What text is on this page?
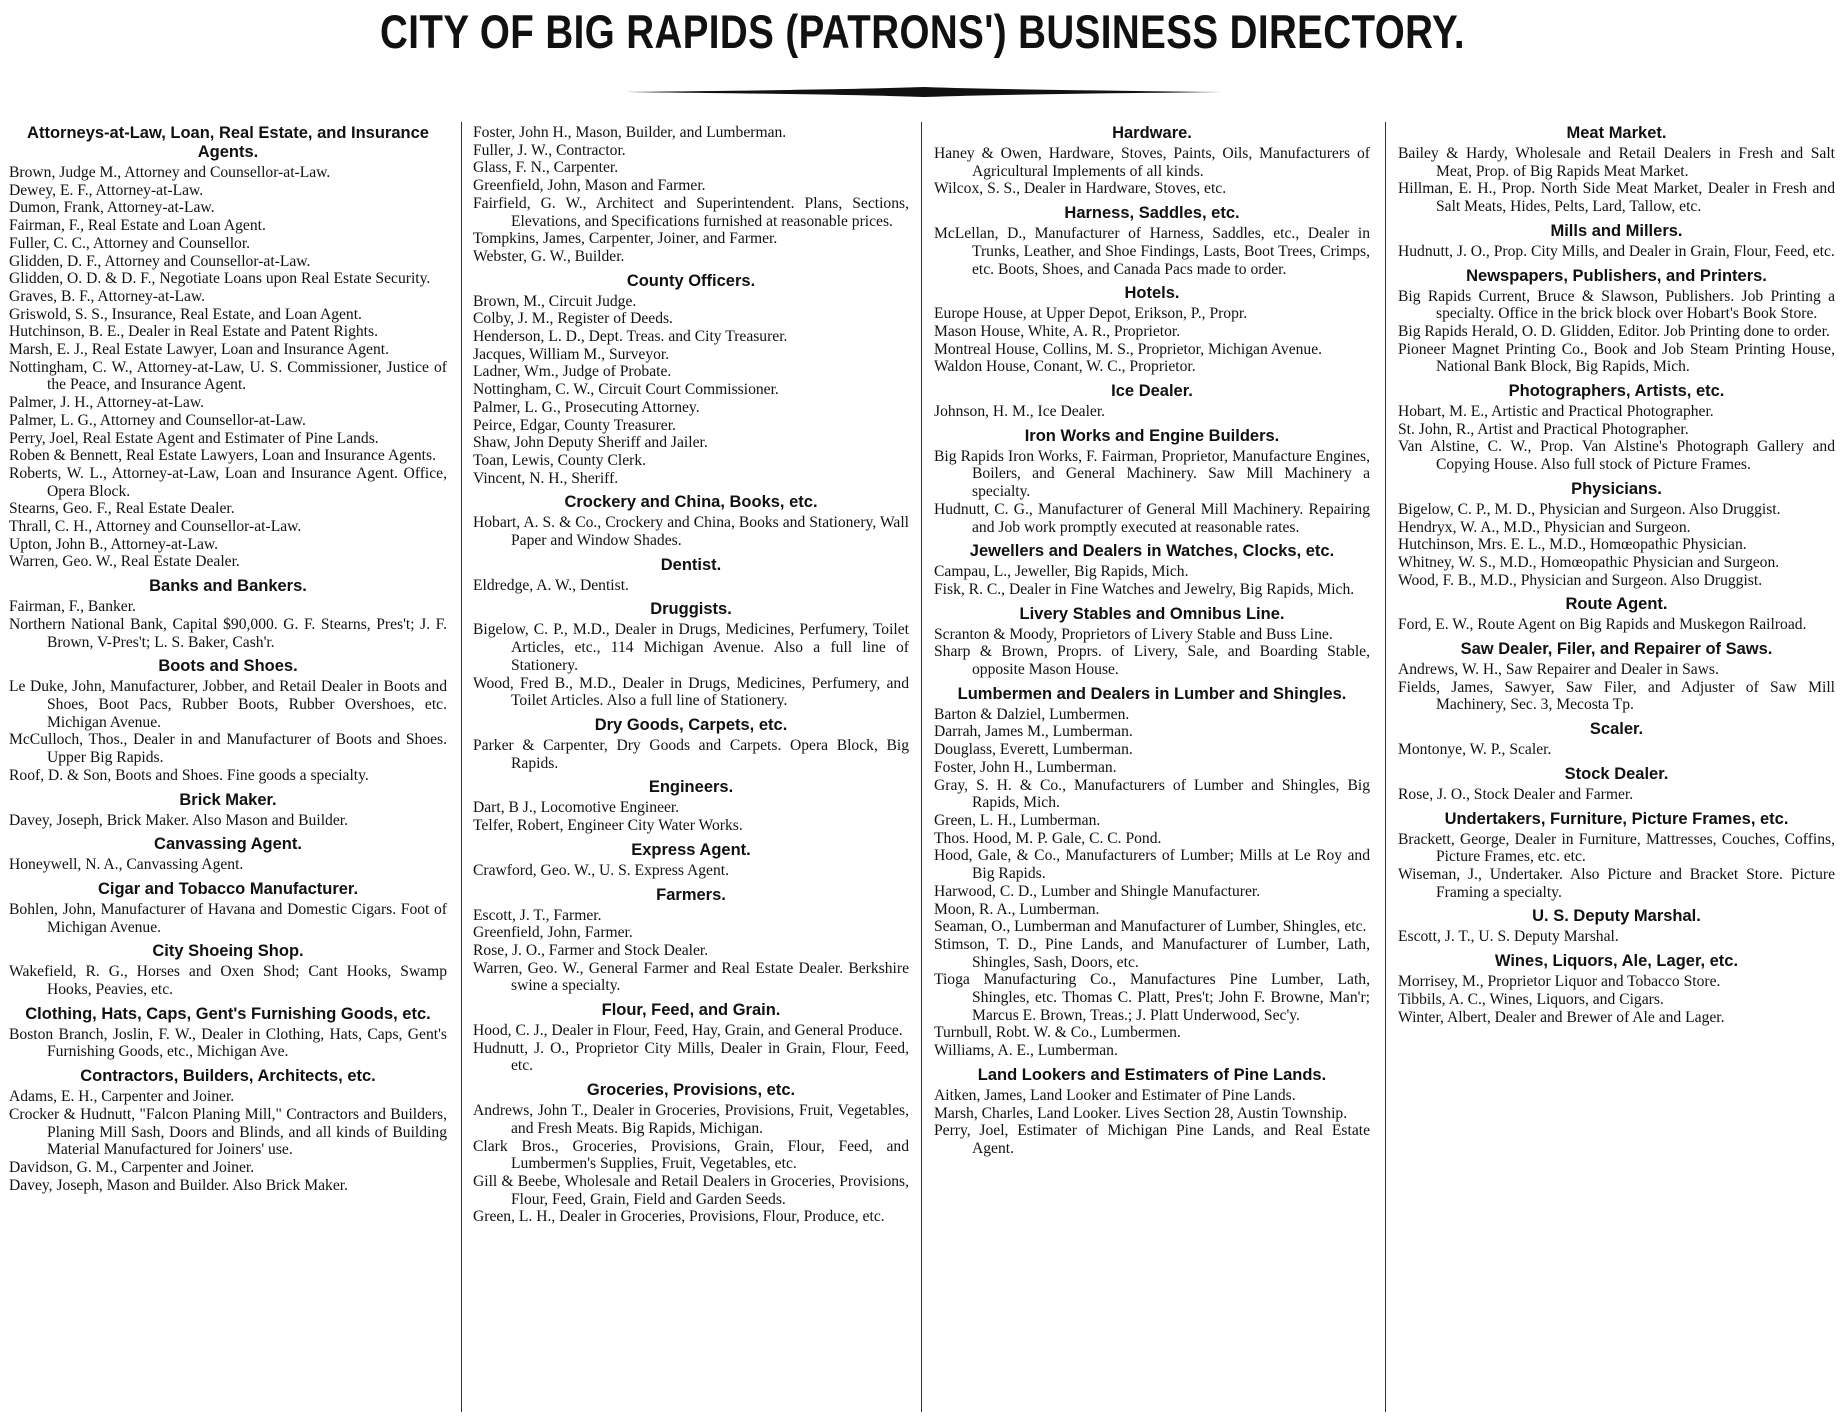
CITY OF BIG RAPIDS (PATRONS') BUSINESS DIRECTORY.
Attorneys-at-Law, Loan, Real Estate, and Insurance Agents.
Brown, Judge M., Attorney and Counsellor-at-Law.
Dewey, E. F., Attorney-at-Law.
Dumon, Frank, Attorney-at-Law.
Fairman, F., Real Estate and Loan Agent.
Fuller, C. C., Attorney and Counsellor.
Glidden, D. F., Attorney and Counsellor-at-Law.
Glidden, O. D. & D. F., Negotiate Loans upon Real Estate Security.
Graves, B. F., Attorney-at-Law.
Griswold, S. S., Insurance, Real Estate, and Loan Agent.
Hutchinson, B. E., Dealer in Real Estate and Patent Rights.
Marsh, E. J., Real Estate Lawyer, Loan and Insurance Agent.
Nottingham, C. W., Attorney-at-Law, U. S. Commissioner, Justice of the Peace, and Insurance Agent.
Palmer, J. H., Attorney-at-Law.
Palmer, L. G., Attorney and Counsellor-at-Law.
Perry, Joel, Real Estate Agent and Estimater of Pine Lands.
Roben & Bennett, Real Estate Lawyers, Loan and Insurance Agents.
Roberts, W. L., Attorney-at-Law, Loan and Insurance Agent. Office, Opera Block.
Stearns, Geo. F., Real Estate Dealer.
Thrall, C. H., Attorney and Counsellor-at-Law.
Upton, John B., Attorney-at-Law.
Warren, Geo. W., Real Estate Dealer.
Banks and Bankers.
Fairman, F., Banker.
Northern National Bank, Capital $90,000. G. F. Stearns, Pres't; J. F. Brown, V-Pres't; L. S. Baker, Cash'r.
Boots and Shoes.
Le Duke, John, Manufacturer, Jobber, and Retail Dealer in Boots and Shoes, Boot Pacs, Rubber Boots, Rubber Overshoes, etc. Michigan Avenue.
McCulloch, Thos., Dealer in and Manufacturer of Boots and Shoes. Upper Big Rapids.
Roof, D. & Son, Boots and Shoes. Fine goods a specialty.
Brick Maker.
Davey, Joseph, Brick Maker. Also Mason and Builder.
Canvassing Agent.
Honeywell, N. A., Canvassing Agent.
Cigar and Tobacco Manufacturer.
Bohlen, John, Manufacturer of Havana and Domestic Cigars. Foot of Michigan Avenue.
City Shoeing Shop.
Wakefield, R. G., Horses and Oxen Shod; Cant Hooks, Swamp Hooks, Peavies, etc.
Clothing, Hats, Caps, Gent's Furnishing Goods, etc.
Boston Branch, Joslin, F. W., Dealer in Clothing, Hats, Caps, Gent's Furnishing Goods, etc., Michigan Ave.
Contractors, Builders, Architects, etc.
Adams, E. H., Carpenter and Joiner.
Crocker & Hudnutt, "Falcon Planing Mill," Contractors and Builders, Planing Mill Sash, Doors and Blinds, and all kinds of Building Material Manufactured for Joiners' use.
Davidson, G. M., Carpenter and Joiner.
Davey, Joseph, Mason and Builder. Also Brick Maker.
Foster, John H., Mason, Builder, and Lumberman.
Fuller, J. W., Contractor.
Glass, F. N., Carpenter.
Greenfield, John, Mason and Farmer.
Fairfield, G. W., Architect and Superintendent. Plans, Sections, Elevations, and Specifications furnished at reasonable prices.
Tompkins, James, Carpenter, Joiner, and Farmer.
Webster, G. W., Builder.
County Officers.
Brown, M., Circuit Judge.
Colby, J. M., Register of Deeds.
Henderson, L. D., Dept. Treas. and City Treasurer.
Jacques, William M., Surveyor.
Ladner, Wm., Judge of Probate.
Nottingham, C. W., Circuit Court Commissioner.
Palmer, L. G., Prosecuting Attorney.
Peirce, Edgar, County Treasurer.
Shaw, John Deputy Sheriff and Jailer.
Toan, Lewis, County Clerk.
Vincent, N. H., Sheriff.
Crockery and China, Books, etc.
Hobart, A. S. & Co., Crockery and China, Books and Stationery, Wall Paper and Window Shades.
Dentist.
Eldredge, A. W., Dentist.
Druggists.
Bigelow, C. P., M.D., Dealer in Drugs, Medicines, Perfumery, Toilet Articles, etc., 114 Michigan Avenue. Also a full line of Stationery.
Wood, Fred B., M.D., Dealer in Drugs, Medicines, Perfumery, and Toilet Articles. Also a full line of Stationery.
Dry Goods, Carpets, etc.
Parker & Carpenter, Dry Goods and Carpets. Opera Block, Big Rapids.
Engineers.
Dart, B J., Locomotive Engineer.
Telfer, Robert, Engineer City Water Works.
Express Agent.
Crawford, Geo. W., U. S. Express Agent.
Farmers.
Escott, J. T., Farmer.
Greenfield, John, Farmer.
Rose, J. O., Farmer and Stock Dealer.
Warren, Geo. W., General Farmer and Real Estate Dealer. Berkshire swine a specialty.
Flour, Feed, and Grain.
Hood, C. J., Dealer in Flour, Feed, Hay, Grain, and General Produce.
Hudnutt, J. O., Proprietor City Mills, Dealer in Grain, Flour, Feed, etc.
Groceries, Provisions, etc.
Andrews, John T., Dealer in Groceries, Provisions, Fruit, Vegetables, and Fresh Meats. Big Rapids, Michigan.
Clark Bros., Groceries, Provisions, Grain, Flour, Feed, and Lumbermen's Supplies, Fruit, Vegetables, etc.
Gill & Beebe, Wholesale and Retail Dealers in Groceries, Provisions, Flour, Feed, Grain, Field and Garden Seeds.
Green, L. H., Dealer in Groceries, Provisions, Flour, Produce, etc.
Hardware.
Haney & Owen, Hardware, Stoves, Paints, Oils, Manufacturers of Agricultural Implements of all kinds.
Wilcox, S. S., Dealer in Hardware, Stoves, etc.
Harness, Saddles, etc.
McLellan, D., Manufacturer of Harness, Saddles, etc., Dealer in Trunks, Leather, and Shoe Findings, Lasts, Boot Trees, Crimps, etc. Boots, Shoes, and Canada Pacs made to order.
Hotels.
Europe House, at Upper Depot, Erikson, P., Propr.
Mason House, White, A. R., Proprietor.
Montreal House, Collins, M. S., Proprietor, Michigan Avenue.
Waldon House, Conant, W. C., Proprietor.
Ice Dealer.
Johnson, H. M., Ice Dealer.
Iron Works and Engine Builders.
Big Rapids Iron Works, F. Fairman, Proprietor, Manufacture Engines, Boilers, and General Machinery. Saw Mill Machinery a specialty.
Hudnutt, C. G., Manufacturer of General Mill Machinery. Repairing and Job work promptly executed at reasonable rates.
Jewellers and Dealers in Watches, Clocks, etc.
Campau, L., Jeweller, Big Rapids, Mich.
Fisk, R. C., Dealer in Fine Watches and Jewelry, Big Rapids, Mich.
Livery Stables and Omnibus Line.
Scranton & Moody, Proprietors of Livery Stable and Buss Line.
Sharp & Brown, Proprs. of Livery, Sale, and Boarding Stable, opposite Mason House.
Lumbermen and Dealers in Lumber and Shingles.
Barton & Dalziel, Lumbermen.
Darrah, James M., Lumberman.
Douglass, Everett, Lumberman.
Foster, John H., Lumberman.
Gray, S. H. & Co., Manufacturers of Lumber and Shingles, Big Rapids, Mich.
Green, L. H., Lumberman.
Thos. Hood, M. P. Gale, C. C. Pond.
Hood, Gale, & Co., Manufacturers of Lumber; Mills at Le Roy and Big Rapids.
Harwood, C. D., Lumber and Shingle Manufacturer.
Moon, R. A., Lumberman.
Seaman, O., Lumberman and Manufacturer of Lumber, Shingles, etc.
Stimson, T. D., Pine Lands, and Manufacturer of Lumber, Lath, Shingles, Sash, Doors, etc.
Tioga Manufacturing Co., Manufactures Pine Lumber, Lath, Shingles, etc. Thomas C. Platt, Pres't; John F. Browne, Man'r; Marcus E. Brown, Treas.; J. Platt Underwood, Sec'y.
Turnbull, Robt. W. & Co., Lumbermen.
Williams, A. E., Lumberman.
Land Lookers and Estimaters of Pine Lands.
Aitken, James, Land Looker and Estimater of Pine Lands.
Marsh, Charles, Land Looker. Lives Section 28, Austin Township.
Perry, Joel, Estimater of Michigan Pine Lands, and Real Estate Agent.
Meat Market.
Bailey & Hardy, Wholesale and Retail Dealers in Fresh and Salt Meat, Prop. of Big Rapids Meat Market.
Hillman, E. H., Prop. North Side Meat Market, Dealer in Fresh and Salt Meats, Hides, Pelts, Lard, Tallow, etc.
Mills and Millers.
Hudnutt, J. O., Prop. City Mills, and Dealer in Grain, Flour, Feed, etc.
Newspapers, Publishers, and Printers.
Big Rapids Current, Bruce & Slawson, Publishers. Job Printing a specialty. Office in the brick block over Hobart's Book Store.
Big Rapids Herald, O. D. Glidden, Editor. Job Printing done to order.
Pioneer Magnet Printing Co., Book and Job Steam Printing House, National Bank Block, Big Rapids, Mich.
Photographers, Artists, etc.
Hobart, M. E., Artistic and Practical Photographer.
St. John, R., Artist and Practical Photographer.
Van Alstine, C. W., Prop. Van Alstine's Photograph Gallery and Copying House. Also full stock of Picture Frames.
Physicians.
Bigelow, C. P., M. D., Physician and Surgeon. Also Druggist.
Hendryx, W. A., M.D., Physician and Surgeon.
Hutchinson, Mrs. E. L., M.D., Homœopathic Physician.
Whitney, W. S., M.D., Homœopathic Physician and Surgeon.
Wood, F. B., M.D., Physician and Surgeon. Also Druggist.
Route Agent.
Ford, E. W., Route Agent on Big Rapids and Muskegon Railroad.
Saw Dealer, Filer, and Repairer of Saws.
Andrews, W. H., Saw Repairer and Dealer in Saws.
Fields, James, Sawyer, Saw Filer, and Adjuster of Saw Mill Machinery, Sec. 3, Mecosta Tp.
Scaler.
Montonye, W. P., Scaler.
Stock Dealer.
Rose, J. O., Stock Dealer and Farmer.
Undertakers, Furniture, Picture Frames, etc.
Brackett, George, Dealer in Furniture, Mattresses, Couches, Coffins, Picture Frames, etc. etc.
Wiseman, J., Undertaker. Also Picture and Bracket Store. Picture Framing a specialty.
U. S. Deputy Marshal.
Escott, J. T., U. S. Deputy Marshal.
Wines, Liquors, Ale, Lager, etc.
Morrisey, M., Proprietor Liquor and Tobacco Store.
Tibbils, A. C., Wines, Liquors, and Cigars.
Winter, Albert, Dealer and Brewer of Ale and Lager.
